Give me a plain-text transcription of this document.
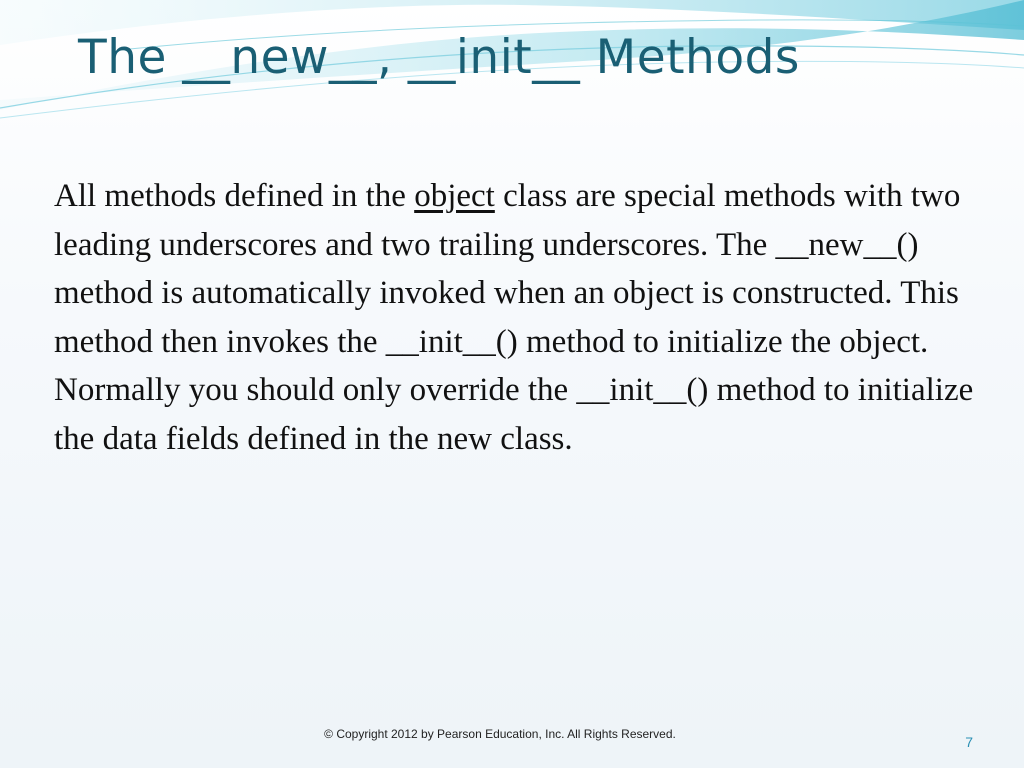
The __new__, __init__ Methods

All methods defined in the object class are special methods with two leading underscores and two trailing underscores. The __new__() method is automatically invoked when an object is constructed. This method then invokes the __init__() method to initialize the object. Normally you should only override the __init__() method to initialize the data fields defined in the new class.

© Copyright 2012 by Pearson Education, Inc. All Rights Reserved.	7
